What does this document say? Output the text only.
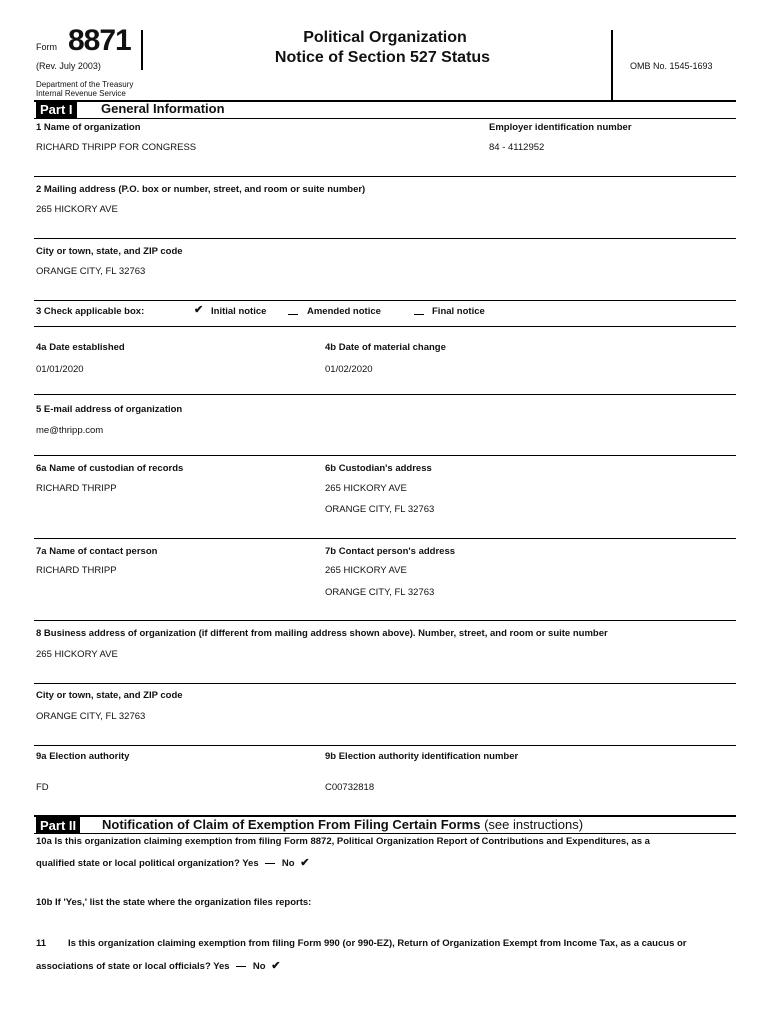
Form 8871
(Rev. July 2003)
Department of the Treasury
Internal Revenue Service
Political Organization
Notice of Section 527 Status	OMB No. 1545-1693
Part I	General Information
1 Name of organization
RICHARD THRIPP FOR CONGRESS
Employer identification number
84 - 4112952
2 Mailing address (P.O. box or number, street, and room or suite number)
265 HICKORY AVE
City or town, state, and ZIP code
ORANGE CITY, FL 32763
3 Check applicable box:	✔ Initial notice	Amended notice	Final notice
4a Date established
01/01/2020
4b Date of material change
01/02/2020
5 E-mail address of organization
me@thripp.com
6a Name of custodian of records
RICHARD THRIPP
6b Custodian's address
265 HICKORY AVE
ORANGE CITY, FL 32763
7a Name of contact person
RICHARD THRIPP
7b Contact person's address
265 HICKORY AVE
ORANGE CITY, FL 32763
8 Business address of organization (if different from mailing address shown above). Number, street, and room or suite number
265 HICKORY AVE
City or town, state, and ZIP code
ORANGE CITY, FL 32763
9a Election authority
FD
9b Election authority identification number
C00732818
Part II	Notification of Claim of Exemption From Filing Certain Forms (see instructions)
10a Is this organization claiming exemption from filing Form 8872, Political Organization Report of Contributions and Expenditures, as a
qualified state or local political organization? Yes No ✔
10b If 'Yes,' list the state where the organization files reports:
11 Is this organization claiming exemption from filing Form 990 (or 990-EZ), Return of Organization Exempt from Income Tax, as a caucus or
associations of state or local officials? Yes No ✔
